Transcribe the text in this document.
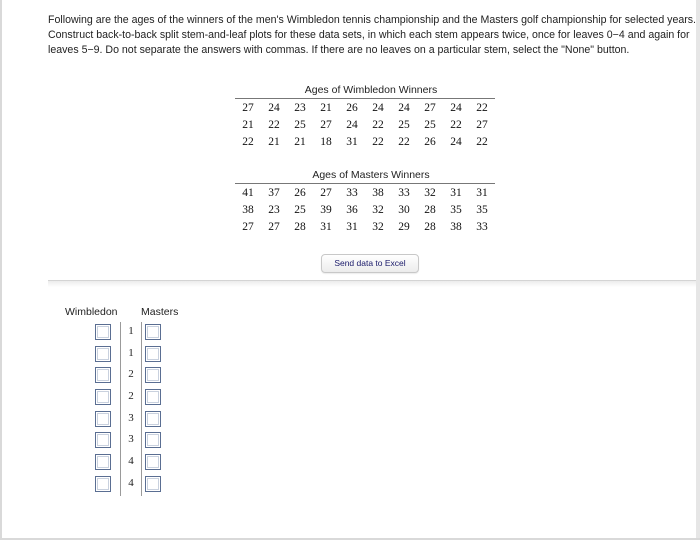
Following are the ages of the winners of the men's Wimbledon tennis championship and the Masters golf championship for selected years. Construct back-to-back split stem-and-leaf plots for these data sets, in which each stem appears twice, once for leaves 0−4 and again for leaves 5−9. Do not separate the answers with commas. If there are no leaves on a particular stem, select the "None" button.
Ages of Wimbledon Winners
27	24	23	21	26	24	24	27	24	22
21	22	25	27	24	22	25	25	22	27
22	21	21	18	31	22	22	26	24	22
Ages of Masters Winners
41	37	26	27	33	38	33	32	31	31
38	23	25	39	36	32	30	28	35	35
27	27	28	31	31	32	29	28	38	33
Send data to Excel
Wimbledon Masters
1
1
2
2
3
3
4
4
